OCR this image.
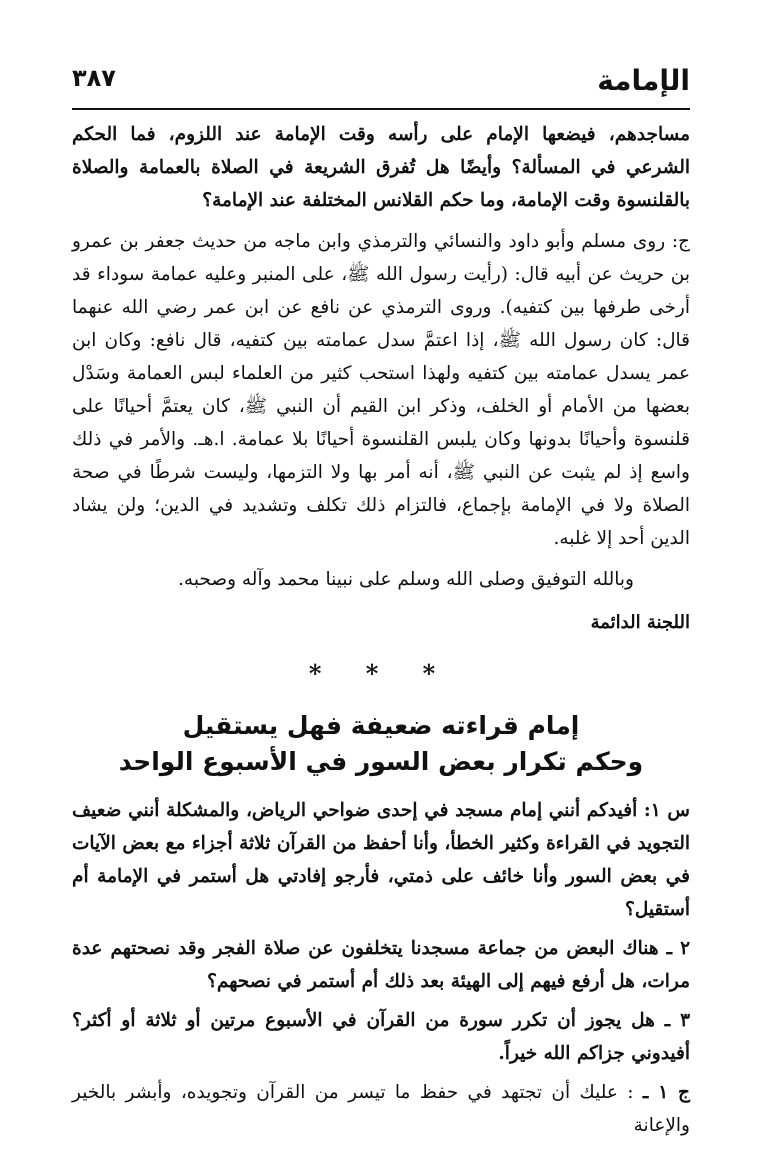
الإمامة
٣٨٧

مساجدهم، فيضعها الإمام على رأسه وقت الإمامة عند اللزوم، فما الحكم الشرعي في المسألة؟ وأيضًا هل تُفرق الشريعة في الصلاة بالعمامة والصلاة بالقلنسوة وقت الإمامة، وما حكم القلانس المختلفة عند الإمامة؟

ج: روى مسلم وأبو داود والنسائي والترمذي وابن ماجه من حديث جعفر بن عمرو بن حريث عن أبيه قال: (رأيت رسول الله ﷺ، على المنبر وعليه عمامة سوداء قد أرخى طرفها بين كتفيه). وروى الترمذي عن نافع عن ابن عمر رضي الله عنهما قال: كان رسول الله ﷺ، إذا اعتمَّ سدل عمامته بين كتفيه، قال نافع: وكان ابن عمر يسدل عمامته بين كتفيه ولهذا استحب كثير من العلماء لبس العمامة وسَدْل بعضها من الأمام أو الخلف، وذكر ابن القيم أن النبي ﷺ، كان يعتمَّ أحيانًا على قلنسوة وأحيانًا بدونها وكان يلبس القلنسوة أحيانًا بلا عمامة. ا.هـ. والأمر في ذلك واسع إذ لم يثبت عن النبي ﷺ، أنه أمر بها ولا التزمها، وليست شرطًا في صحة الصلاة ولا في الإمامة بإجماع، فالتزام ذلك تكلف وتشديد في الدين؛ ولن يشاد الدين أحد إلا غلبه.

وبالله التوفيق وصلى الله وسلم على نبينا محمد وآله وصحبه.

اللجنة الدائمة

* * *
إمام قراءته ضعيفة فهل يستقيل
وحكم تكرار بعض السور في الأسبوع الواحد

س ١: أفيدكم أنني إمام مسجد في إحدى ضواحي الرياض، والمشكلة أنني ضعيف التجويد في القراءة وكثير الخطأ، وأنا أحفظ من القرآن ثلاثة أجزاء مع بعض الآيات في بعض السور وأنا خائف على ذمتي، فأرجو إفادتي هل أستمر في الإمامة أم أستقيل؟

٢ ـ هناك البعض من جماعة مسجدنا يتخلفون عن صلاة الفجر وقد نصحتهم عدة مرات، هل أرفع فيهم إلى الهيئة بعد ذلك أم أستمر في نصحهم؟

٣ ـ هل يجوز أن تكرر سورة من القرآن في الأسبوع مرتين أو ثلاثة أو أكثر؟ أفيدوني جزاكم الله خيراً.

ج ١ ـ : عليك أن تجتهد في حفظ ما تيسر من القرآن وتجويده، وأبشر بالخير والإعانة
